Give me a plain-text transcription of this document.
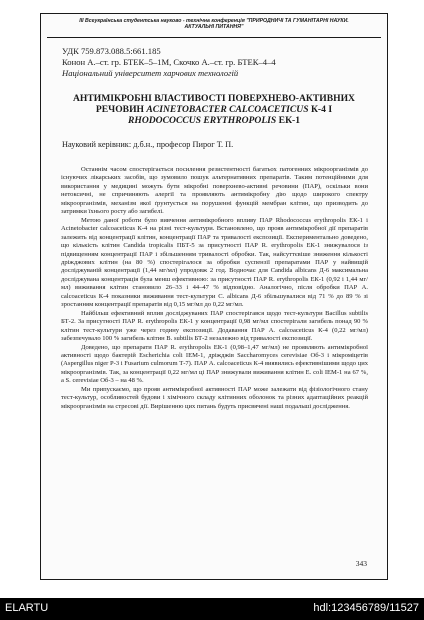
III Всеукраїнська студентська науково - технічна конференція "ПРИРОДНИЧІ ТА ГУМАНІТАРНІ НАУКИ.
АКТУАЛЬНІ ПИТАННЯ"
УДК 759.873.088.5:661.185
Конон А.–ст. гр. БТЕК–5–1М, Скочко А.–ст. гр. БТЕК–4–4
Національний університет харчових технологій
АНТИМІКРОБНІ ВЛАСТИВОСТІ ПОВЕРХНЕВО-АКТИВНИХ
РЕЧОВИН ACINETOBACTER CALCOACETICUS К-4 І
RHODOCOCCUS ERYTHROPOLIS ЕК-1
Науковий керівник: д.б.н., професор Пирог Т. П.

Останнім часом спостерігається посилення резистентності багатьох патогенних мікроорганізмів до існуючих лікарських засобів, що зумовило пошук альтернативних препаратів. Таким потенційними для використання у медицині можуть бути мікробні поверхнево-активні речовини (ПАР), оскільки вони нетоксичні, не спричиняють алергії та проявляють антимікробну дію щодо широкого спектру мікроорганізмів, механізм якої ґрунтується на порушенні функцій мембран клітин, що призводить до затримки їхнього росту або загибелі.

Метою даної роботи було вивчення антимікробного впливу ПАР Rhodococcus erythropolis ЕК-1 і Acinetobacter calcoaceticus К-4 на різні тест-культури. Встановлено, що прояв антимікробної дії препаратів залежить від концентрації клітин, концентрації ПАР та тривалості експозиції. Експериментально доведено, що кількість клітин Candida tropicalis ПБТ-5 за присутності ПАР R. erythropolis ЕК-1 знижувалося із підвищенням концентрації ПАР і збільшенням тривалості обробки. Так, найсуттєвіше зниження кількості дріжджових клітин (на 80 %) спостерігалося за обробки суспензії препаратами ПАР у найвищій досліджуваній концентрації (1,44 мг/мл) упродовж 2 год. Водночас для Candida albicans Д-6 максимальна досліджувана концентрація була менш ефективною: за присутності ПАР R. erythropolis ЕК-1 (0,92 і 1,44 мг/мл) виживання клітин становило 26–33 і 44–47 % відповідно. Аналогічно, після обробки ПАР A. calcoaceticus К-4 показники виживання тест-культури C. albicans Д-6 збільшувалися від 71 % до 89 % зі зростанням концентрації препаратів від 0,15 мг/мл до 0,22 мг/мл.

Найбільш ефективний вплив досліджуваних ПАР спостерігався щодо тест-культури Bacillus subtilis БТ-2. За присутності ПАР R. erythropolis ЕК-1 у концентрації 0,98 мг/мл спостерігали загибель понад 90 % клітин тест-культури уже через годину експозиції. Додавання ПАР A. calcoaceticus К-4 (0,22 мг/мл) забезпечувало 100 % загибель клітин B. subtilis БТ-2 незалежно від тривалості експозиції.

Доведено, що препарати ПАР R. erythropolis ЕК-1 (0,98–1,47 мг/мл) не проявляють антимікробної активності щодо бактерій Escherichia coli IEM-1, дріжджів Saccharomyces cerevisiae Об-3 і мікроміцетів (Aspergillus niger Р-3 і Fusarium culmorum Т-7). ПАР A. calcoaceticus К-4 виявились ефективнішими щодо цих мікроорганізмів. Так, за концентрації 0,22 мг/мл ці ПАР знижували виживання клітин E. coli IEM-1 на 67 %, а S. cerevisiae Об-3 – на 48 %.

Ми припускаємо, що прояв антимікробної активності ПАР може залежати від фізіологічного стану тест-культур, особливостей будови і хімічного складу клітинних оболонок та різних адаптаційних реакцій мікроорганізмів на стресові дії. Вирішенню цих питань будуть присвячені наші подальші дослідження.

343
ELARTU	hdl:123456789/11527
